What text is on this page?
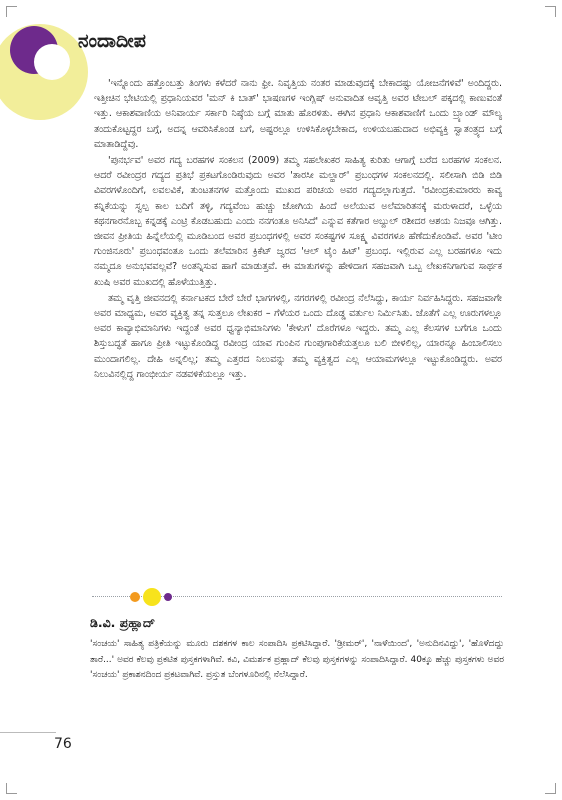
ನಂದಾದೀಪ

'ಇನ್ನೊಂದು ಹತ್ತೊಂಬತ್ತು ತಿಂಗಳು ಕಳೆದರೆ ನಾನು ಫ್ರೀ. ನಿವೃತ್ತಿಯ ನಂತರ ಮಾಡುವುದಕ್ಕೆ ಬೇಕಾದಷ್ಟು ಯೋಜನೆಗಳಿವೆ' ಅಂದಿದ್ದರು. ಇತ್ತೀಚಿನ ಭೇಟಿಯಲ್ಲಿ ಪ್ರಧಾನಿಯವರ 'ಮನ್ ಕಿ ಬಾತ್' ಭಾಷಣಗಳ ಇಂಗ್ಲಿಷ್ ಅನುವಾದಿತ ಆವೃತ್ತಿ ಅವರ ಟೇಬಲ್ ಪಕ್ಕದಲ್ಲಿ ಕಾಣುವಂತೆ ಇತ್ತು. ಆಕಾಶವಾಣಿಯ ಅನಿವಾರ್ಯ ಸರ್ಕಾರಿ ನಿಷ್ಠೆಯ ಬಗ್ಗೆ ಮಾತು ಹೊರಳಿತು. ಈಗಿನ ಪ್ರಧಾನಿ ಆಕಾಶವಾಣಿಗೆ ಒಂದು ಬ್ರ್ಯಾಂಡ್ ಮೌಲ್ಯ ತಂದುಕೊಟ್ಟದ್ದರ ಬಗ್ಗೆ, ಅದನ್ನ ಆವರಿಸಿಕೊಂಡ ಬಗೆ, ಅಷ್ಟರಲ್ಲೂ ಉಳಿಸಿಕೊಳ್ಳಬೇಕಾದ, ಉಳಿಯಬಹುದಾದ ಅಭಿವ್ಯಕ್ತಿ ಸ್ವಾತಂತ್ರ್ಯದ ಬಗ್ಗೆ ಮಾತಾಡಿದ್ದೆವು.

'ಪುನರ್ಭವ' ಅವರ ಗದ್ಯ ಬರಹಗಳ ಸಂಕಲನ (2009) ತಮ್ಮ ಸಹಲೇಖಕರ ಸಾಹಿತ್ಯ ಕುರಿತು ಆಗಾಗ್ಗೆ ಬರೆದ ಬರಹಗಳ ಸಂಕಲನ. ಆದರೆ ರವೀಂದ್ರರ ಗದ್ಯದ ಪ್ರತಿಭೆ ಪ್ರಕಟಗೊಂಡಿರುವುದು ಅವರ 'ತಾರಸೀ ಮಲ್ಹಾರ್' ಪ್ರಬಂಧಗಳ ಸಂಕಲನದಲ್ಲಿ. ಸಲೀಸಾಗಿ ಬಿಡಿ ಬಿಡಿ ವಿವರಗಳೊಂದಿಗೆ, ಲವಲವಿಕೆ, ತುಂಟತನಗಳ ಮತ್ತೊಂದು ಮುಖದ ಪರಿಚಯ ಅವರ ಗದ್ಯದಲ್ಲಾಗುತ್ತದೆ. 'ರವೀಂದ್ರಕುಮಾರರು ಕಾವ್ಯ ಕನ್ನಿಕೆಯನ್ನು ಸ್ವಲ್ಪ ಕಾಲ ಬದಿಗೆ ತಳ್ಳಿ, ಗದ್ಯವೆಂಬ ಹುಚ್ಚು ಜೋಗಿಯ ಹಿಂದೆ ಅಲೆಯುವ ಅಲೆಮಾರಿತನಕ್ಕೆ ಮರುಳಾದರೆ, ಒಳ್ಳೆಯ ಕಥನಗಾರನೊಬ್ಬ ಕನ್ನಡಕ್ಕೆ ಎಂಟ್ರಿ ಕೊಡಬಹುದು ಎಂದು ನನಗಂತೂ ಅನಿಸಿದೆ' ಎನ್ನುವ ಕತೆಗಾರ ಅಬ್ದುಲ್ ರಶೀದರ ಆಶಯ ನಿಜವೂ ಆಗಿತ್ತು. ಜೀವನ ಪ್ರೀತಿಯ ಹಿನ್ನೆಲೆಯಲ್ಲಿ ಮೂಡಿಬಂದ ಅವರ ಪ್ರಬಂಧಗಳಲ್ಲಿ ಅವರ ಸಂಕಷ್ಟಗಳ ಸೂಕ್ಷ್ಮ ವಿವರಗಳೂ ಹೆಣೆದುಕೊಂಡಿವೆ. ಅವರ 'ಟೀಂ ಗುಂಜಿನೂರು' ಪ್ರಬಂಧವಂತೂ ಒಂದು ತಲೆಮಾರಿನ ಕ್ರಿಕೆಟ್ ಜ್ವರದ 'ಆಲ್ ಟೈಂ ಹಿಟ್' ಪ್ರಬಂಧ. ಇಲ್ಲಿರುವ ಎಲ್ಲ ಬರಹಗಳೂ ಇದು ನಮ್ಮದೂ ಅನುಭವವಲ್ಲವೆ? ಅಂತನ್ನಿಸುವ ಹಾಗೆ ಮಾಡುತ್ತವೆ. ಈ ಮಾತುಗಳನ್ನು ಹೇಳಿದಾಗ ಸಹಜವಾಗಿ ಒಬ್ಬ ಲೇಖಕನಿಗಾಗುವ ಸಾರ್ಥಕ ಖುಷಿ ಅವರ ಮುಖದಲ್ಲಿ ಹೊಳೆಯುತ್ತಿತ್ತು.

ತಮ್ಮ ವೃತ್ತಿ ಜೀವನದಲ್ಲಿ ಕರ್ನಾಟಕದ ಬೇರೆ ಬೇರೆ ಭಾಗಗಳಲ್ಲಿ, ನಗರಗಳಲ್ಲಿ ರವೀಂದ್ರ ನೆಲೆಸಿದ್ದು, ಕಾರ್ಯ ನಿರ್ವಹಿಸಿದ್ದರು. ಸಹಜವಾಗೇ ಅವರ ಮಾಧ್ಯಮ, ಅವರ ವ್ಯಕ್ತಿತ್ವ ತನ್ನ ಸುತ್ತಲೂ ಲೇಖಕರ – ಗೆಳೆಯರ ಒಂದು ದೊಡ್ಡ ವರ್ತುಲ ನಿರ್ಮಿಸಿತು. ಜೊತೆಗೆ ಎಲ್ಲ ಊರುಗಳಲ್ಲೂ ಅವರ ಕಾವ್ಯಾಭಿಮಾನಿಗಳು ಇದ್ದಂತೆ ಅವರ ಧ್ವನ್ಯಾಭಿಮಾನಿಗಳು 'ಕೇಳುಗ' ದೊರೆಗಳೂ ಇದ್ದರು. ತಮ್ಮ ಎಲ್ಲ ಕೆಲಸಗಳ ಬಗೆಗೂ ಒಂದು ಶಿಸ್ತುಬದ್ಧತೆ ಹಾಗೂ ಪ್ರೀತಿ ಇಟ್ಟುಕೊಂಡಿದ್ದ ರವೀಂದ್ರ ಯಾವ ಗುಂಪಿನ ಗುಂಪುಗಾರಿಕೆಯತ್ತಲೂ ಬಲಿ ಬೀಳಲಿಲ್ಲ, ಯಾರನ್ನೂ ಹಿಂಬಾಲಿಸಲು ಮುಂದಾಗಲಿಲ್ಲ. ದೇಹಿ ಅನ್ನಲಿಲ್ಲ; ತಮ್ಮ ಎತ್ತರದ ನಿಲುವನ್ನು ತಮ್ಮ ವ್ಯಕ್ತಿತ್ವದ ಎಲ್ಲ ಆಯಾಮಗಳಲ್ಲೂ ಇಟ್ಟುಕೊಂಡಿದ್ದರು. ಅವರ ನಿಲುವಿನಲ್ಲಿದ್ದ ಗಾಂಭೀರ್ಯ ನಡವಳಿಕೆಯಲ್ಲೂ ಇತ್ತು.

ಡಿ.ವಿ. ಪ್ರಹ್ಲಾದ್
'ಸಂಚಯ' ಸಾಹಿತ್ಯ ಪತ್ರಿಕೆಯನ್ನು ಮೂರು ದಶಕಗಳ ಕಾಲ ಸಂಪಾದಿಸಿ ಪ್ರಕಟಿಸಿದ್ದಾರೆ. 'ಡ್ರೀಮರ್', 'ನಾಳೆಯಿಂದ', 'ಅನುದಿನವಿದ್ದು', 'ಹೊಳೆದದ್ದು ತಾರೆ...' ಅವರ ಕೆಲವು ಪ್ರಕಟಿತ ಪುಸ್ತಕಗಳಾಗಿವೆ. ಕವಿ, ವಿಮರ್ಶಕ ಪ್ರಹ್ಲಾದ್ ಕೆಲವು ಪುಸ್ತಕಗಳನ್ನು ಸಂಪಾದಿಸಿದ್ದಾರೆ. 40ಕ್ಕೂ ಹೆಚ್ಚು ಪುಸ್ತಕಗಳು ಅವರ 'ಸಂಚಯ' ಪ್ರಕಾಶನದಿಂದ ಪ್ರಕಟವಾಗಿವೆ. ಪ್ರಸ್ತುತ ಬೆಂಗಳೂರಿನಲ್ಲಿ ನೆಲೆಸಿದ್ದಾರೆ.
76
